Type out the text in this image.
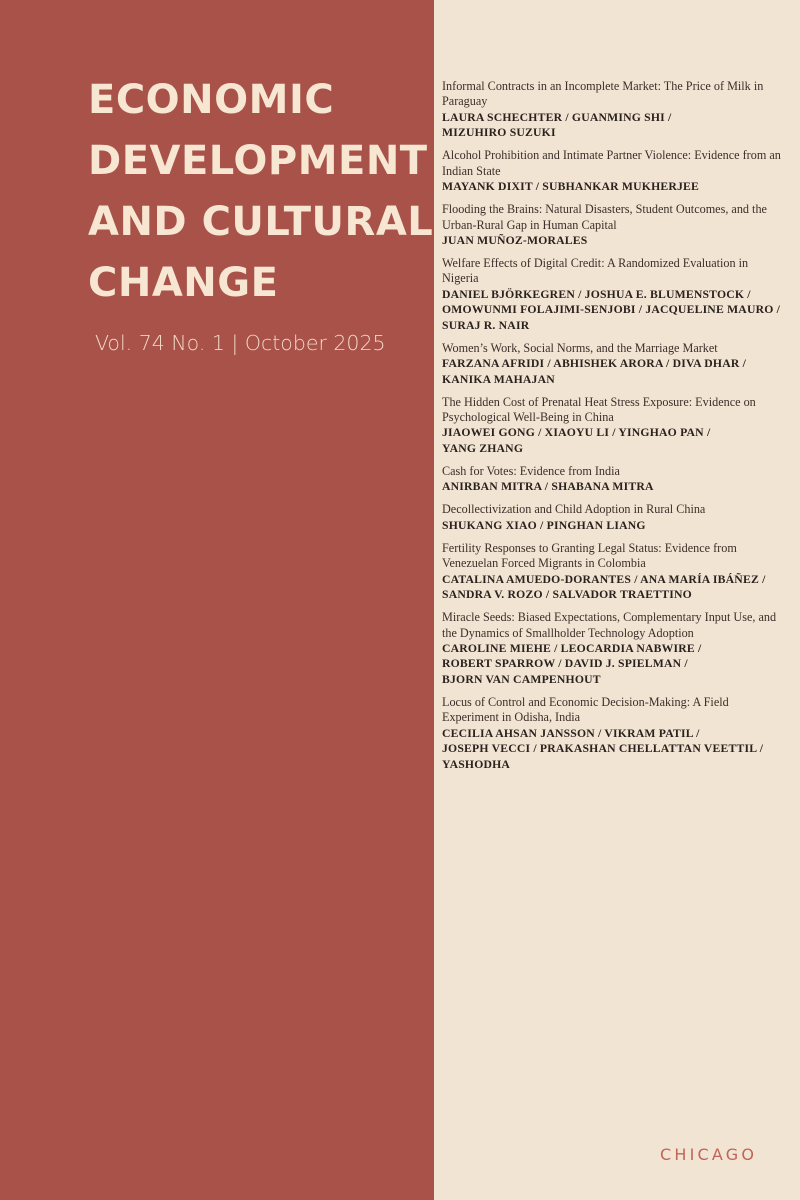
ECONOMIC
DEVELOPMENT
AND CULTURAL
CHANGE
Vol. 74 No. 1 | October 2025
Informal Contracts in an Incomplete Market: The Price of Milk in Paraguay
LAURA SCHECHTER / GUANMING SHI /
MIZUHIRO SUZUKI
Alcohol Prohibition and Intimate Partner Violence: Evidence from an Indian State
MAYANK DIXIT / SUBHANKAR MUKHERJEE
Flooding the Brains: Natural Disasters, Student Outcomes, and the Urban-Rural Gap in Human Capital
JUAN MUÑOZ-MORALES
Welfare Effects of Digital Credit: A Randomized Evaluation in Nigeria
DANIEL BJÖRKEGREN / JOSHUA E. BLUMENSTOCK /
OMOWUNMI FOLAJIMI-SENJOBI / JACQUELINE MAURO /
SURAJ R. NAIR
Women’s Work, Social Norms, and the Marriage Market
FARZANA AFRIDI / ABHISHEK ARORA / DIVA DHAR /
KANIKA MAHAJAN
The Hidden Cost of Prenatal Heat Stress Exposure: Evidence on Psychological Well-Being in China
JIAOWEI GONG / XIAOYU LI / YINGHAO PAN /
YANG ZHANG
Cash for Votes: Evidence from India
ANIRBAN MITRA / SHABANA MITRA
Decollectivization and Child Adoption in Rural China
SHUKANG XIAO / PINGHAN LIANG
Fertility Responses to Granting Legal Status: Evidence from Venezuelan Forced Migrants in Colombia
CATALINA AMUEDO-DORANTES / ANA MARÍA IBÁÑEZ /
SANDRA V. ROZO / SALVADOR TRAETTINO
Miracle Seeds: Biased Expectations, Complementary Input Use, and the Dynamics of Smallholder Technology Adoption
CAROLINE MIEHE / LEOCARDIA NABWIRE /
ROBERT SPARROW / DAVID J. SPIELMAN /
BJORN VAN CAMPENHOUT
Locus of Control and Economic Decision-Making: A Field Experiment in Odisha, India
CECILIA AHSAN JANSSON / VIKRAM PATIL /
JOSEPH VECCI / PRAKASHAN CHELLATTAN VEETTIL /
YASHODHA
CHICAGO
